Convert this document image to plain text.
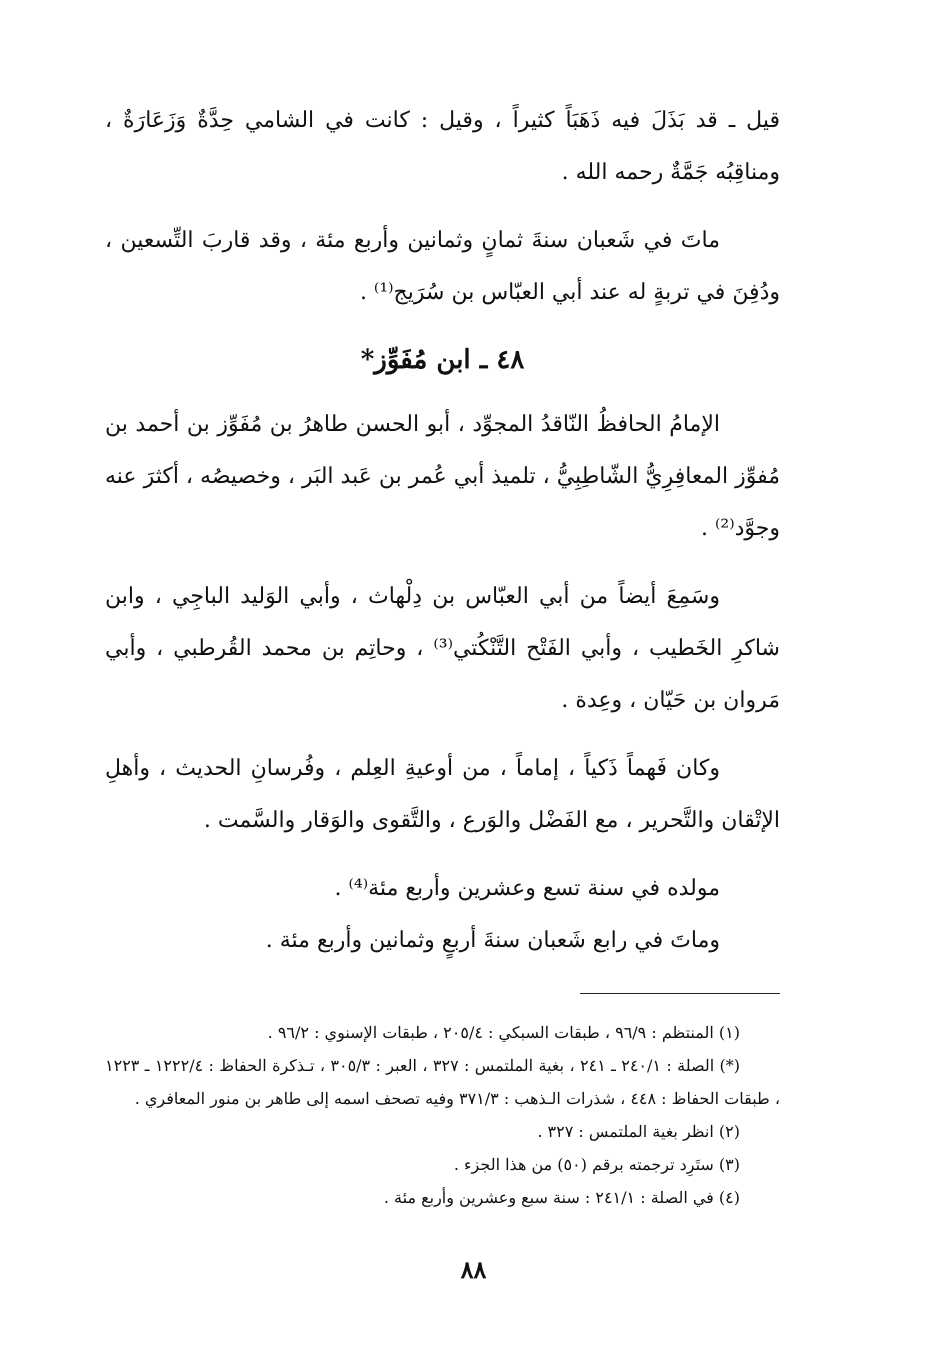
قيل ـ قد بَذَلَ فيه ذَهَبَاً كثيراً ، وقيل : كانت في الشامي حِدَّةٌ وَزَعَارَةٌ ، ومناقِبُه جَمَّةٌ رحمه الله .

ماتَ في شَعبان سنةَ ثمانٍ وثمانين وأربع مئة ، وقد قاربَ التِّسعين ، ودُفِنَ في تربةٍ له عند أبي العبّاس بن سُرَيج⁽¹⁾ .

٤٨ ـ ابن مُفَوِّز*

الإمامُ الحافظُ النّاقدُ المجوِّد ، أبو الحسن طاهرُ بن مُفَوِّز بن أحمد بن مُفوِّز المعافِرِيُّ الشّاطِبِيُّ ، تلميذ أبي عُمر بن عَبد البَر ، وخصيصُه ، أكثرَ عنه وجوَّد⁽²⁾ .

وسَمِعَ أيضاً من أبي العبّاس بن دِلْهاث ، وأبي الوَليد الباجِي ، وابن شاكرِ الخَطيب ، وأبي الفَتْح التَّنْكُتي⁽³⁾ ، وحاتِم بن محمد القُرطبي ، وأبي مَروان بن حَيّان ، وعِدة .

وكان فَهماً ذَكياً ، إماماً ، من أوعيةِ العِلم ، وفُرسانِ الحديث ، وأهلِ الإتْقان والتَّحرير ، مع الفَضْل والوَرع ، والتَّقوى والوَقار والسَّمت .

مولده في سنة تسع وعشرين وأربع مئة⁽⁴⁾ .

وماتَ في رابع شَعبان سنةَ أربعٍ وثمانين وأربع مئة .

(١) المنتظم : ٩٦/٩ ، طبقات السبكي : ٢٠٥/٤ ، طبقات الإسنوي : ٩٦/٢ .

(*) الصلة : ٢٤٠/١ ـ ٢٤١ ، بغية الملتمس : ٣٢٧ ، العبر : ٣٠٥/٣ ، تـذكرة الحفاظ : ١٢٢٢/٤ ـ ١٢٢٣ ، طبقات الحفاظ : ٤٤٨ ، شذرات الـذهب : ٣٧١/٣ وفيه تصحف اسمه إلى طاهر بن منور المعافري .

(٢) انظر بغية الملتمس : ٣٢٧ .

(٣) ستَرِد ترجمته برقم (٥٠) من هذا الجزء .

(٤) في الصلة : ٢٤١/١ : سنة سبع وعشرين وأربع مئة .

٨٨
